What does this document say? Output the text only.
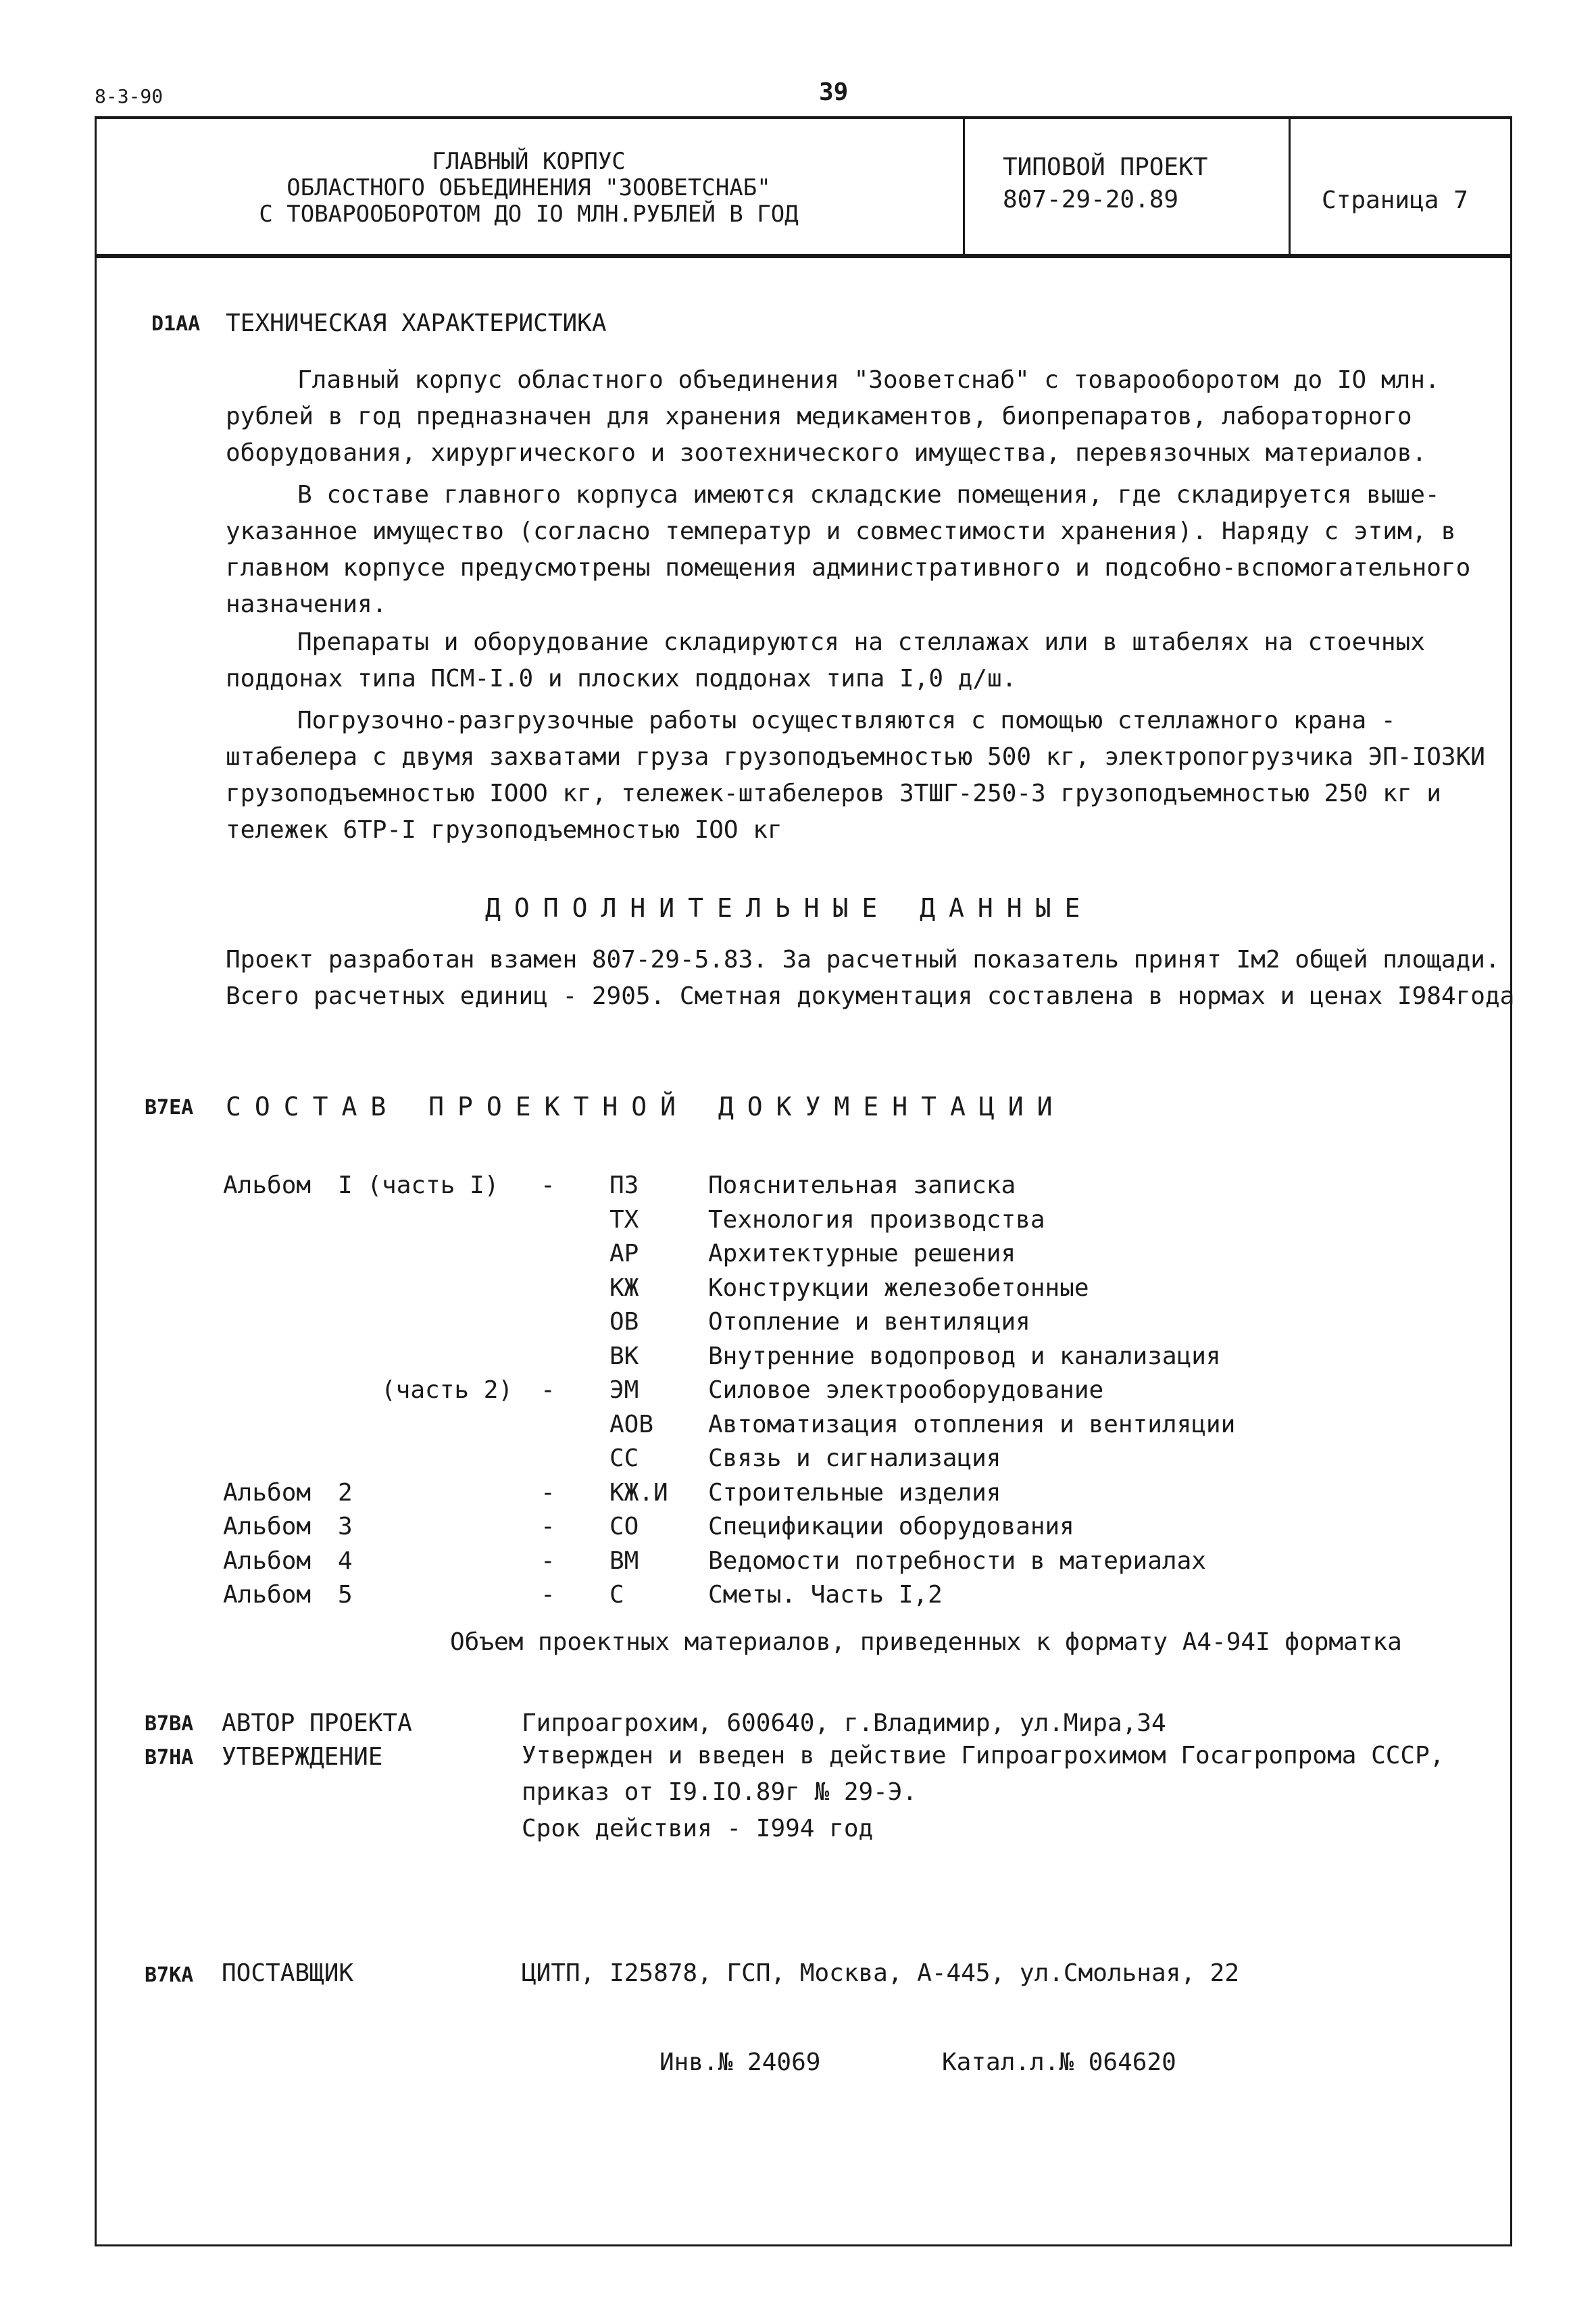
8-3-90	39
ГЛАВНЫЙ КОРПУС
ОБЛАСТНОГО ОБЪЕДИНЕНИЯ "ЗООВЕТСНАБ"
С ТОВАРООБОРОТОМ ДО IO МЛН.РУБЛЕЙ В ГОД
ТИПОВОЙ ПРОЕКТ
807-29-20.89	Страница 7
D1AA ТЕХНИЧЕСКАЯ ХАРАКТЕРИСТИКА
Главный корпус областного объединения "Зооветснаб" с товарооборотом до IO млн.
рублей в год предназначен для хранения медикаментов, биопрепаратов, лабораторного
оборудования, хирургического и зоотехнического имущества, перевязочных материалов.
В составе главного корпуса имеются складские помещения, где складируется выше-
указанное имущество (согласно температур и совместимости хранения). Наряду с этим, в
главном корпусе предусмотрены помещения административного и подсобно-вспомогательного
назначения.
Препараты и оборудование складируются на стеллажах или в штабелях на стоечных
поддонах типа ПСМ-I.0 и плоских поддонах типа I,0 д/ш.
Погрузочно-разгрузочные работы осуществляются с помощью стеллажного крана -
штабелера с двумя захватами груза грузоподъемностью 500 кг, электропогрузчика ЭП-IO3КИ
грузоподъемностью IOOO кг, тележек-штабелеров ЗТШГ-250-3 грузоподъемностью 250 кг и
тележек 6ТР-I грузоподъемностью IOO кг
ДОПОЛНИТЕЛЬНЫЕ ДАННЫЕ
Проект разработан взамен 807-29-5.83. За расчетный показатель принят Iм2 общей площади.
Всего расчетных единиц - 2905. Сметная документация составлена в нормах и ценах I984года
B7EA СОСТАВ ПРОЕКТНОЙ ДОКУМЕНТАЦИИ
Альбом I (часть I) - ПЗ	Пояснительная записка
ТХ	Технология производства
АР	Архитектурные решения
КЖ	Конструкции железобетонные
ОВ	Отопление и вентиляция
ВК	Внутренние водопровод и канализация
(часть 2) - ЭМ	Силовое электрооборудование
АОВ Автоматизация отопления и вентиляции
СС	Связь и сигнализация
Альбом 2	- КЖ.И Строительные изделия
Альбом 3	- СО	Спецификации оборудования
Альбом 4	- ВМ	Ведомости потребности в материалах
Альбом 5	- С	Сметы. Часть I,2
Объем проектных материалов, приведенных к формату А4-94I форматка
B7BA АВТОР ПРОЕКТА	Гипроагрохим, 600640, г.Владимир, ул.Мира,34
B7HA УТВЕРЖДЕНИЕ	Утвержден и введен в действие Гипроагрохимом Госагропрома СССР,
приказ от I9.IO.89г № 29-Э.
Срок действия - I994 год
B7KA ПОСТАВЩИК	ЦИТП, I25878, ГСП, Москва, А-445, ул.Смольная, 22
Инв.№ 24069	Катал.л.№ 064620
